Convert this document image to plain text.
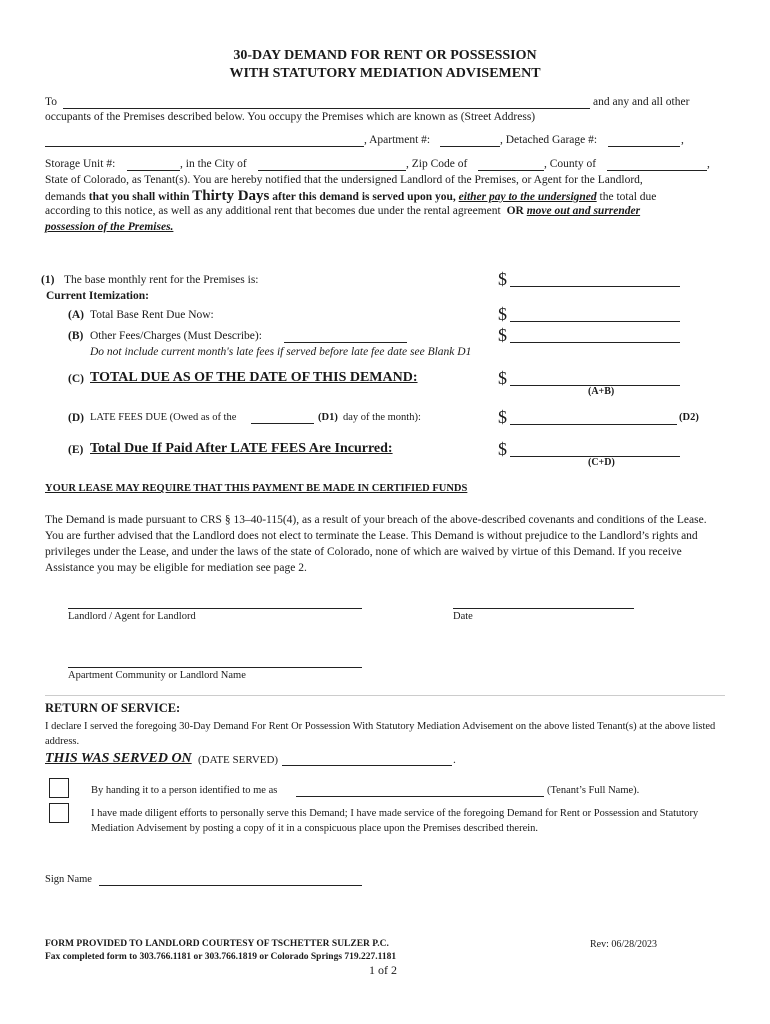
30-DAY DEMAND FOR RENT OR POSSESSION
WITH STATUTORY MEDIATION ADVISEMENT
To	and any and all other
occupants of the Premises described below. You occupy the Premises which are known as (Street Address)
, Apartment #:	, Detached Garage #:	,
Storage Unit #:	, in the City of	, Zip Code of	, County of	,
State of Colorado, as Tenant(s). You are hereby notified that the undersigned Landlord of the Premises, or Agent for the Landlord,
demands that you shall within Thirty Days after this demand is served upon you, either pay to the undersigned the total due
according to this notice, as well as any additional rent that becomes due under the rental agreement OR move out and surrender
possession of the Premises.
(1) The base monthly rent for the Premises is:	$
Current Itemization:
(A) Total Base Rent Due Now:	$
(B) Other Fees/Charges (Must Describe):	$
Do not include current month's late fees if served before late fee date see Blank D1
(C) TOTAL DUE AS OF THE DATE OF THIS DEMAND:	$
(A+B)
(D) LATE FEES DUE (Owed as of the	(D1) day of the month):	$	(D2)
(E) Total Due If Paid After LATE FEES Are Incurred:	$
(C+D)
YOUR LEASE MAY REQUIRE THAT THIS PAYMENT BE MADE IN CERTIFIED FUNDS
The Demand is made pursuant to CRS § 13–40-115(4), as a result of your breach of the above-described covenants and conditions of the Lease. You are further advised that the Landlord does not elect to terminate the Lease. This Demand is without prejudice to the Landlord’s rights and privileges under the Lease, and under the laws of the state of Colorado, none of which are waived by virtue of this Demand. If you receive Assistance you may be eligible for mediation see page 2.
Landlord / Agent for Landlord	Date
Apartment Community or Landlord Name
RETURN OF SERVICE:
I declare I served the foregoing 30-Day Demand For Rent Or Possession With Statutory Mediation Advisement on the above listed Tenant(s) at the above listed address.
THIS WAS SERVED ON (DATE SERVED)	.
By handing it to a person identified to me as	(Tenant’s Full Name).
I have made diligent efforts to personally serve this Demand; I have made service of the foregoing Demand for Rent or Possession and Statutory Mediation Advisement by posting a copy of it in a conspicuous place upon the Premises described therein.
Sign Name
FORM PROVIDED TO LANDLORD COURTESY OF TSCHETTER SULZER P.C.
Fax completed form to 303.766.1181 or 303.766.1819 or Colorado Springs 719.227.1181
Rev: 06/28/2023
1 of 2
